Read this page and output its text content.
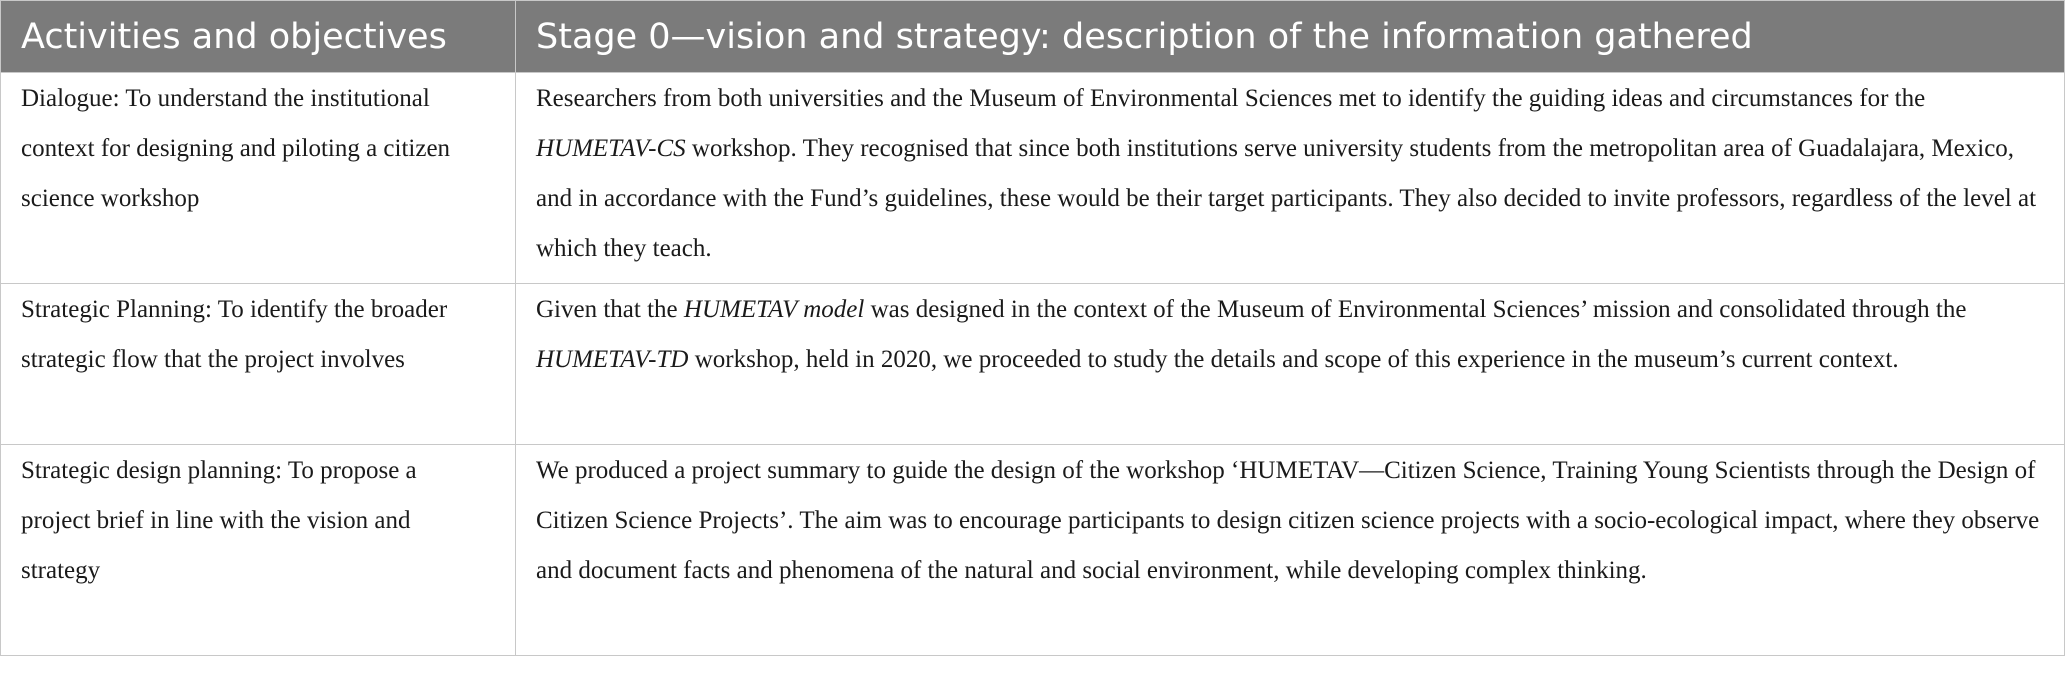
Activities and objectives	Stage 0—vision and strategy: description of the information gathered
Dialogue: To understand the institutional context for designing and piloting a citizen science workshop	Researchers from both universities and the Museum of Environmental Sciences met to identify the guiding ideas and circumstances for the HUMETAV-CS workshop. They recognised that since both institutions serve university students from the metropolitan area of Guadalajara, Mexico, and in accordance with the Fund’s guidelines, these would be their target participants. They also decided to invite professors, regardless of the level at which they teach.
Strategic Planning: To identify the broader strategic flow that the project involves	Given that the HUMETAV model was designed in the context of the Museum of Environmental Sciences’ mission and consolidated through the HUMETAV-TD workshop, held in 2020, we proceeded to study the details and scope of this experience in the museum’s current context.
Strategic design planning: To propose a project brief in line with the vision and strategy	We produced a project summary to guide the design of the workshop ‘HUMETAV—Citizen Science, Training Young Scientists through the Design of Citizen Science Projects’. The aim was to encourage participants to design citizen science projects with a socio-ecological impact, where they observe and document facts and phenomena of the natural and social environment, while developing complex thinking.
